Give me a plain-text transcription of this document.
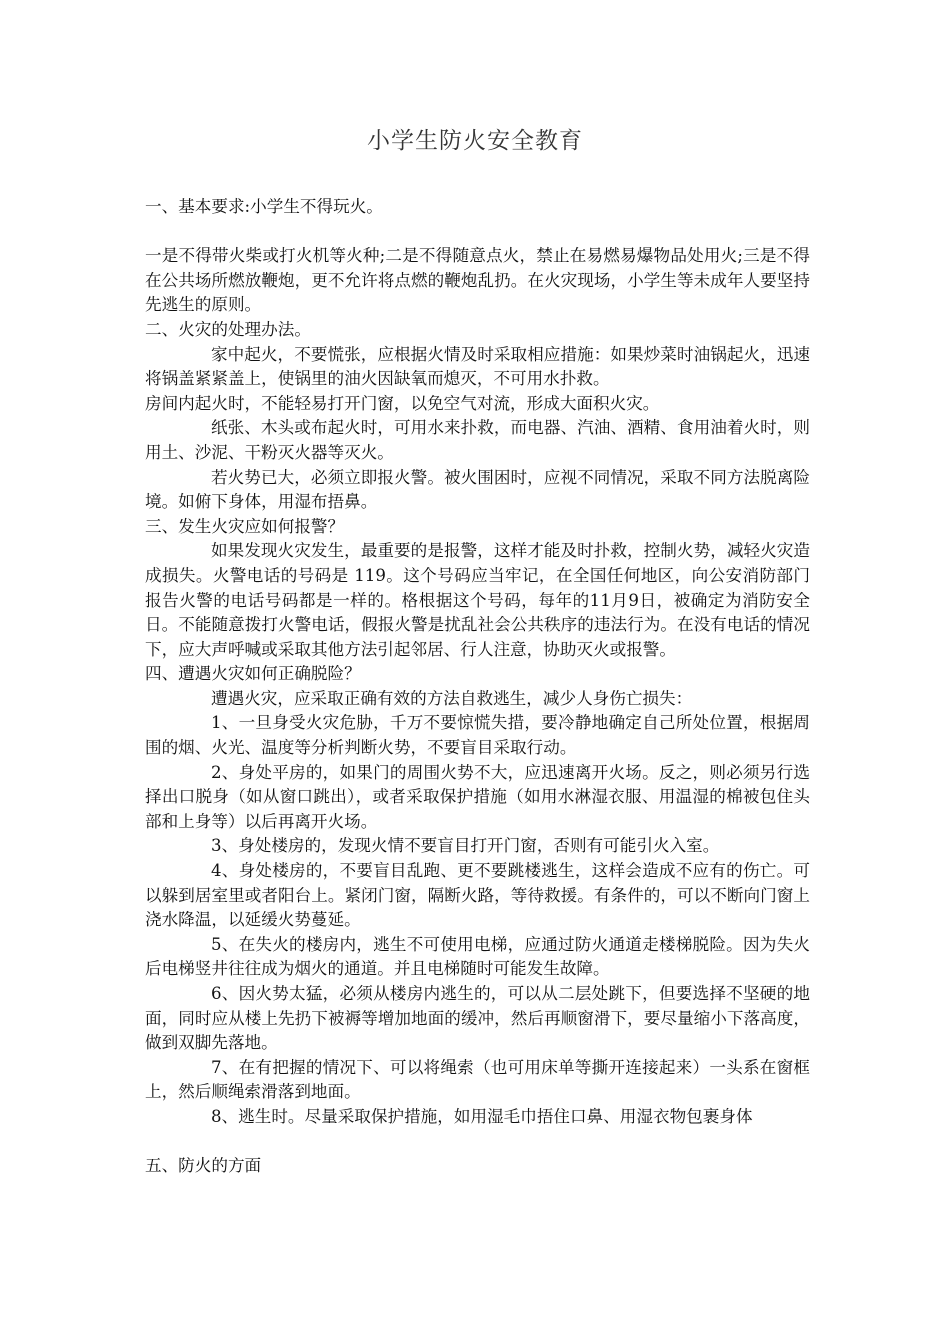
小学生防火安全教育

一、基本要求:小学生不得玩火。

一是不得带火柴或打火机等火种;二是不得随意点火，禁止在易燃易爆物品处用火;三是不得在公共场所燃放鞭炮，更不允许将点燃的鞭炮乱扔。在火灾现场，小学生等未成年人要坚持先逃生的原则。

二、火灾的处理办法。

家中起火，不要慌张，应根据火情及时采取相应措施：如果炒菜时油锅起火，迅速将锅盖紧紧盖上，使锅里的油火因缺氧而熄灭，不可用水扑救。

房间内起火时，不能轻易打开门窗，以免空气对流，形成大面积火灾。

纸张、木头或布起火时，可用水来扑救，而电器、汽油、酒精、食用油着火时，则用土、沙泥、干粉灭火器等灭火。

若火势已大，必须立即报火警。被火围困时，应视不同情况，采取不同方法脱离险境。如俯下身体，用湿布捂鼻。

三、发生火灾应如何报警？

如果发现火灾发生，最重要的是报警，这样才能及时扑救，控制火势，减轻火灾造成损失。火警电话的号码是 119。这个号码应当牢记，在全国任何地区，向公安消防部门报告火警的电话号码都是一样的。格根据这个号码，每年的11月9日，被确定为消防安全日。不能随意拨打火警电话，假报火警是扰乱社会公共秩序的违法行为。在没有电话的情况下，应大声呼喊或采取其他方法引起邻居、行人注意，协助灭火或报警。

四、遭遇火灾如何正确脱险？

遭遇火灾，应采取正确有效的方法自救逃生，减少人身伤亡损失：

1、一旦身受火灾危胁，千万不要惊慌失措，要冷静地确定自己所处位置，根据周围的烟、火光、温度等分析判断火势，不要盲目采取行动。

2、身处平房的，如果门的周围火势不大，应迅速离开火场。反之，则必须另行选择出口脱身（如从窗口跳出），或者采取保护措施（如用水淋湿衣服、用温湿的棉被包住头部和上身等）以后再离开火场。

3、身处楼房的，发现火情不要盲目打开门窗，否则有可能引火入室。

4、身处楼房的，不要盲目乱跑、更不要跳楼逃生，这样会造成不应有的伤亡。可以躲到居室里或者阳台上。紧闭门窗，隔断火路，等待救援。有条件的，可以不断向门窗上浇水降温，以延缓火势蔓延。

5、在失火的楼房内，逃生不可使用电梯，应通过防火通道走楼梯脱险。因为失火后电梯竖井往往成为烟火的通道。并且电梯随时可能发生故障。

6、因火势太猛，必须从楼房内逃生的，可以从二层处跳下，但要选择不坚硬的地面，同时应从楼上先扔下被褥等增加地面的缓冲，然后再顺窗滑下，要尽量缩小下落高度，做到双脚先落地。

7、在有把握的情况下、可以将绳索（也可用床单等撕开连接起来）一头系在窗框上，然后顺绳索滑落到地面。

8、逃生时。尽量采取保护措施，如用湿毛巾捂住口鼻、用湿衣物包裹身体

五、防火的方面
